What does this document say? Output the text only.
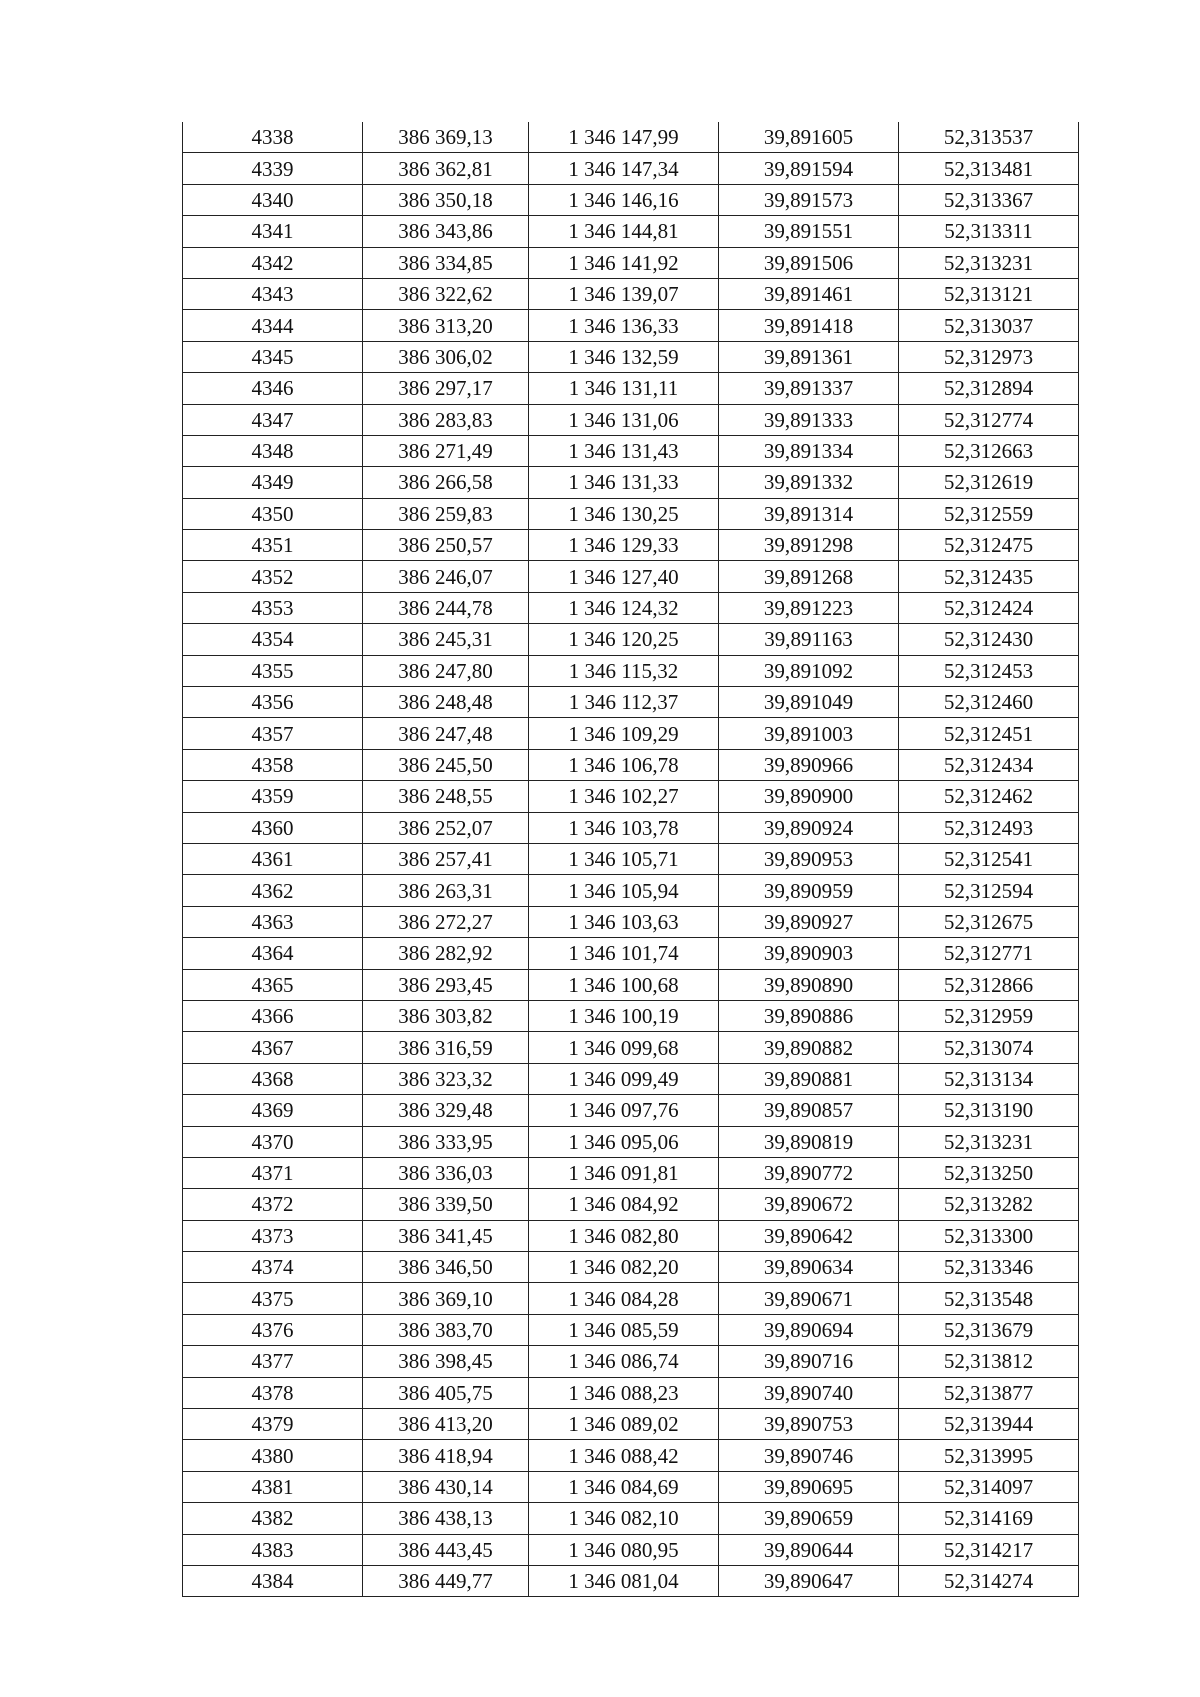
4338	386 369,13	1 346 147,99	39,891605	52,313537
4339	386 362,81	1 346 147,34	39,891594	52,313481
4340	386 350,18	1 346 146,16	39,891573	52,313367
4341	386 343,86	1 346 144,81	39,891551	52,313311
4342	386 334,85	1 346 141,92	39,891506	52,313231
4343	386 322,62	1 346 139,07	39,891461	52,313121
4344	386 313,20	1 346 136,33	39,891418	52,313037
4345	386 306,02	1 346 132,59	39,891361	52,312973
4346	386 297,17	1 346 131,11	39,891337	52,312894
4347	386 283,83	1 346 131,06	39,891333	52,312774
4348	386 271,49	1 346 131,43	39,891334	52,312663
4349	386 266,58	1 346 131,33	39,891332	52,312619
4350	386 259,83	1 346 130,25	39,891314	52,312559
4351	386 250,57	1 346 129,33	39,891298	52,312475
4352	386 246,07	1 346 127,40	39,891268	52,312435
4353	386 244,78	1 346 124,32	39,891223	52,312424
4354	386 245,31	1 346 120,25	39,891163	52,312430
4355	386 247,80	1 346 115,32	39,891092	52,312453
4356	386 248,48	1 346 112,37	39,891049	52,312460
4357	386 247,48	1 346 109,29	39,891003	52,312451
4358	386 245,50	1 346 106,78	39,890966	52,312434
4359	386 248,55	1 346 102,27	39,890900	52,312462
4360	386 252,07	1 346 103,78	39,890924	52,312493
4361	386 257,41	1 346 105,71	39,890953	52,312541
4362	386 263,31	1 346 105,94	39,890959	52,312594
4363	386 272,27	1 346 103,63	39,890927	52,312675
4364	386 282,92	1 346 101,74	39,890903	52,312771
4365	386 293,45	1 346 100,68	39,890890	52,312866
4366	386 303,82	1 346 100,19	39,890886	52,312959
4367	386 316,59	1 346 099,68	39,890882	52,313074
4368	386 323,32	1 346 099,49	39,890881	52,313134
4369	386 329,48	1 346 097,76	39,890857	52,313190
4370	386 333,95	1 346 095,06	39,890819	52,313231
4371	386 336,03	1 346 091,81	39,890772	52,313250
4372	386 339,50	1 346 084,92	39,890672	52,313282
4373	386 341,45	1 346 082,80	39,890642	52,313300
4374	386 346,50	1 346 082,20	39,890634	52,313346
4375	386 369,10	1 346 084,28	39,890671	52,313548
4376	386 383,70	1 346 085,59	39,890694	52,313679
4377	386 398,45	1 346 086,74	39,890716	52,313812
4378	386 405,75	1 346 088,23	39,890740	52,313877
4379	386 413,20	1 346 089,02	39,890753	52,313944
4380	386 418,94	1 346 088,42	39,890746	52,313995
4381	386 430,14	1 346 084,69	39,890695	52,314097
4382	386 438,13	1 346 082,10	39,890659	52,314169
4383	386 443,45	1 346 080,95	39,890644	52,314217
4384	386 449,77	1 346 081,04	39,890647	52,314274
